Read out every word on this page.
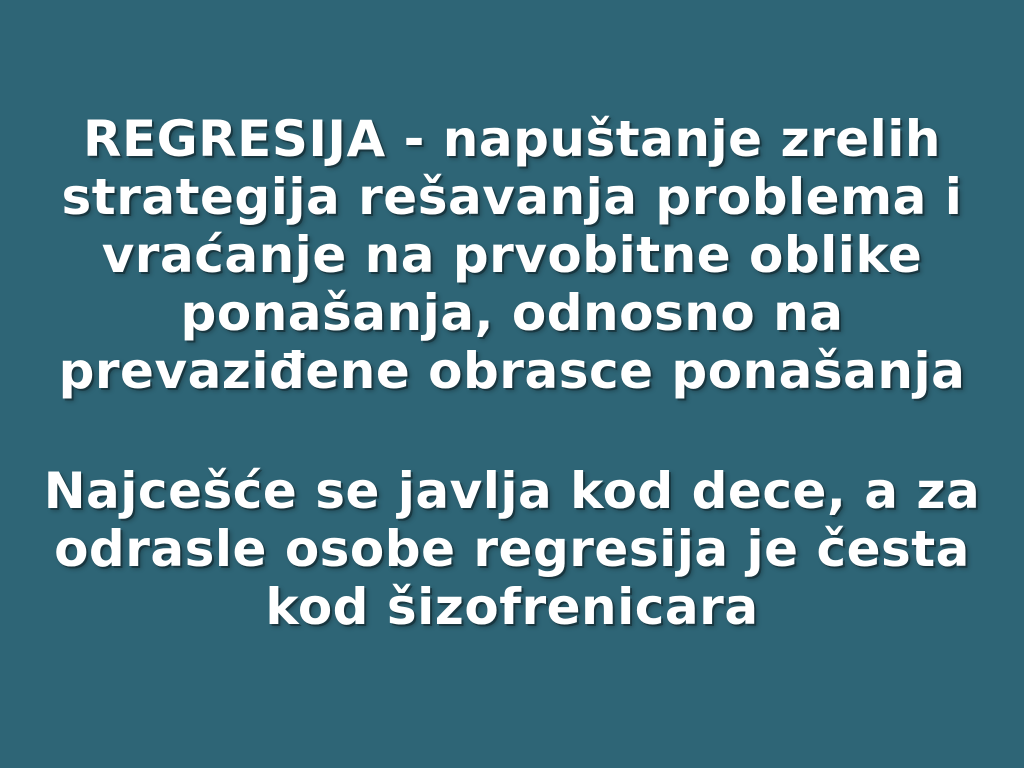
REGRESIJA - napuštanje zrelih strategija rešavanja problema i vraćanje na prvobitne oblike ponašanja, odnosno na prevaziđene obrasce ponašanja
Najcešće se javlja kod dece, a za odrasle osobe regresija je česta kod šizofrenicara
